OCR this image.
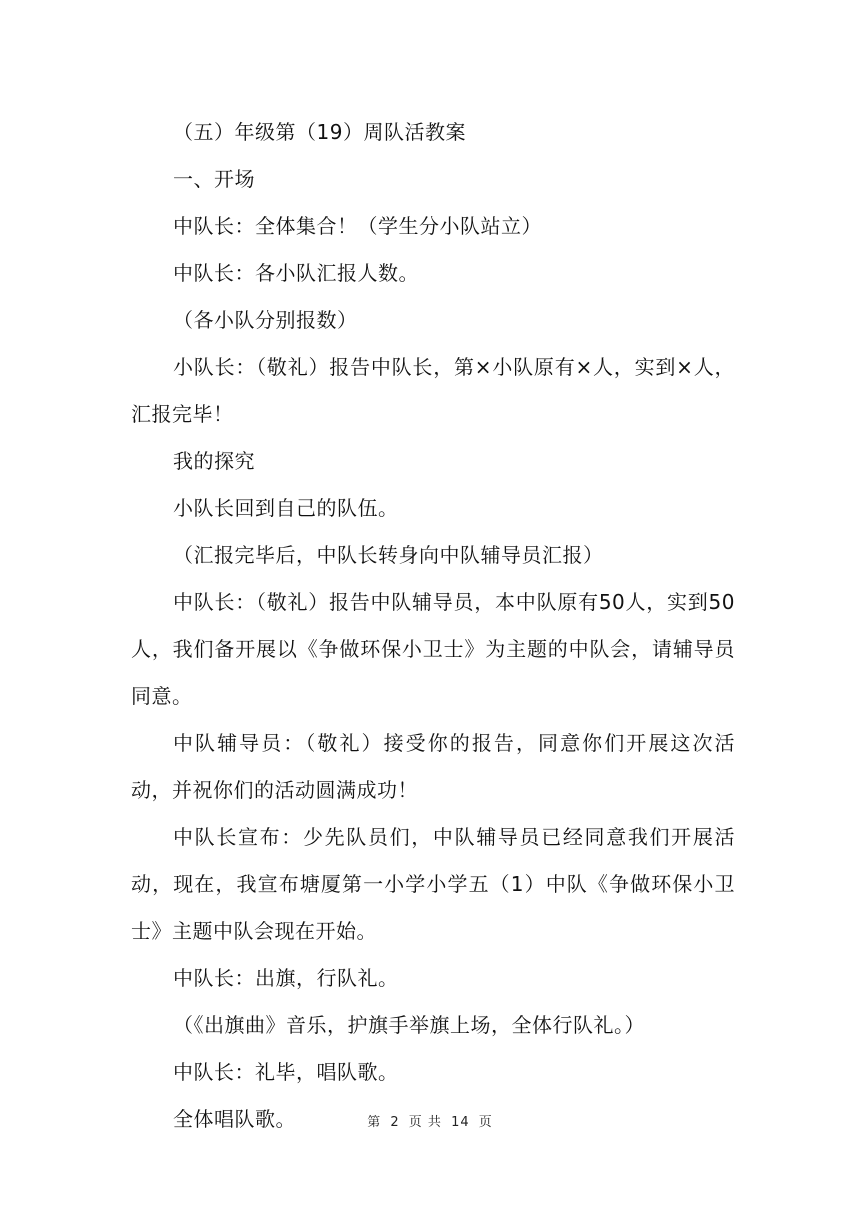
（五）年级第（19）周队活教案

一、开场

中队长：全体集合！（学生分小队站立）

中队长：各小队汇报人数。

（各小队分别报数）

小队长：（敬礼）报告中队长，第×小队原有×人，实到×人，汇报完毕！

我的探究

小队长回到自己的队伍。

（汇报完毕后，中队长转身向中队辅导员汇报）

中队长：（敬礼）报告中队辅导员，本中队原有50人，实到50人，我们备开展以《争做环保小卫士》为主题的中队会，请辅导员同意。

中队辅导员：（敬礼）接受你的报告，同意你们开展这次活动，并祝你们的活动圆满成功！

中队长宣布：少先队员们，中队辅导员已经同意我们开展活动，现在，我宣布塘厦第一小学小学五（1）中队《争做环保小卫士》主题中队会现在开始。

中队长：出旗，行队礼。

（《出旗曲》音乐，护旗手举旗上场，全体行队礼。）

中队长：礼毕，唱队歌。

全体唱队歌。	第 2 页 共 14 页
